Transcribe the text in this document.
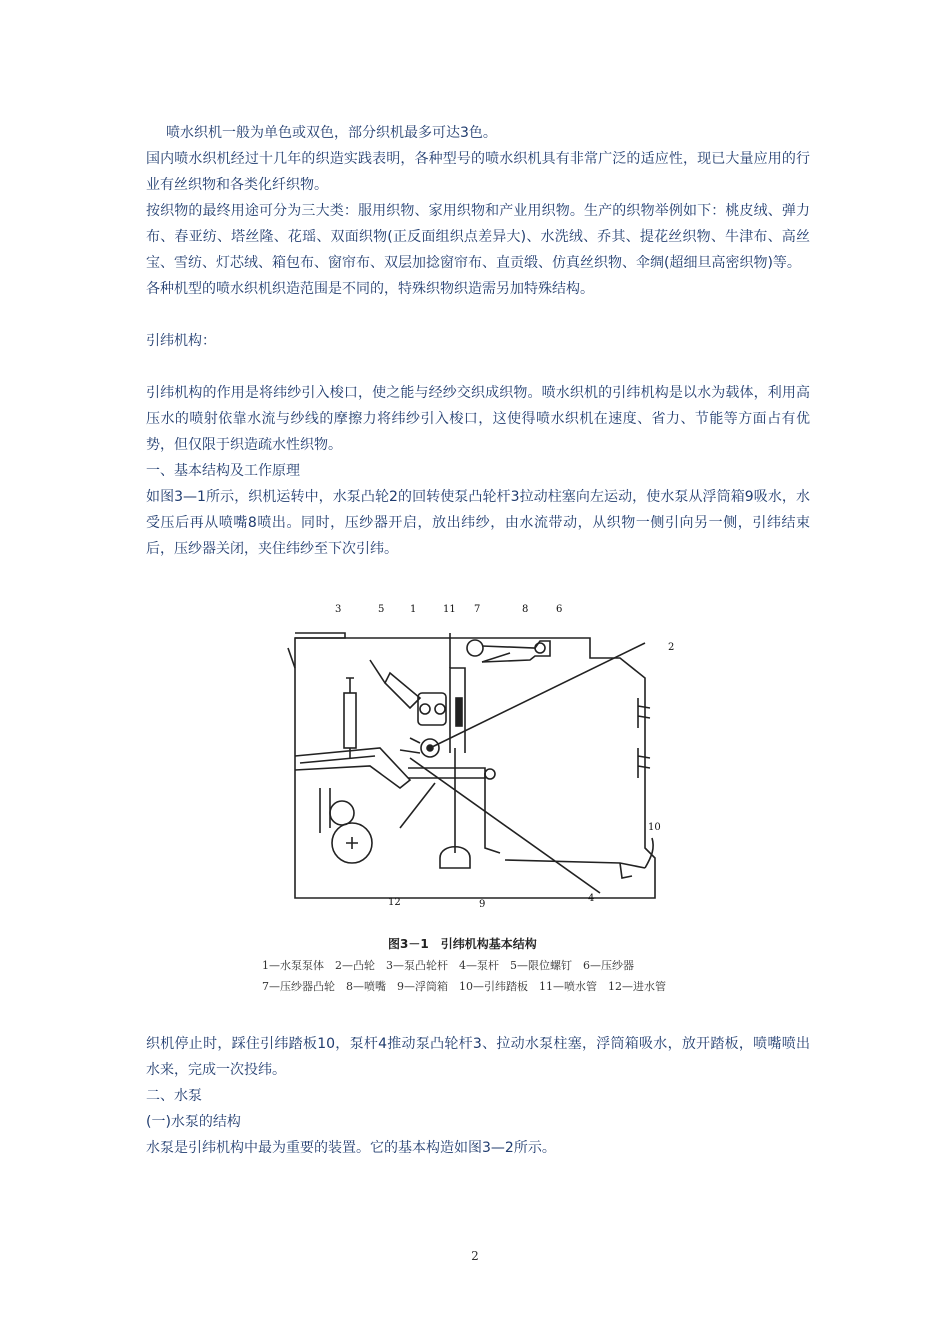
喷水织机一般为单色或双色，部分织机最多可达3色。

国内喷水织机经过十几年的织造实践表明，各种型号的喷水织机具有非常广泛的适应性，现已大量应用的行业有丝织物和各类化纤织物。

按织物的最终用途可分为三大类：服用织物、家用织物和产业用织物。生产的织物举例如下：桃皮绒、弹力布、春亚纺、塔丝隆、花瑶、双面织物(正反面组织点差异大)、水洗绒、乔其、提花丝织物、牛津布、高丝宝、雪纺、灯芯绒、箱包布、窗帘布、双层加捻窗帘布、直贡缎、仿真丝织物、伞绸(超细旦高密织物)等。

各种机型的喷水织机织造范围是不同的，特殊织物织造需另加特殊结构。

引纬机构：

引纬机构的作用是将纬纱引入梭口，使之能与经纱交织成织物。喷水织机的引纬机构是以水为载体，利用高压水的喷射依靠水流与纱线的摩擦力将纬纱引入梭口，这使得喷水织机在速度、省力、节能等方面占有优势，但仅限于织造疏水性织物。

一、基本结构及工作原理

如图3—1所示，织机运转中，水泵凸轮2的回转使泵凸轮杆3拉动柱塞向左运动，使水泵从浮筒箱9吸水，水受压后再从喷嘴8喷出。同时，压纱器开启，放出纬纱，由水流带动，从织物一侧引向另一侧，引纬结束后，压纱器关闭，夹住纬纱至下次引纬。

3	5	1	11 7	8	6
2
10
12	9
4
图3－1　引纬机构基本结构
1—水泵泵体　2—凸轮　3—泵凸轮杆　4—泵杆　5—限位螺钉　6—压纱器
7—压纱器凸轮　8—喷嘴　9—浮筒箱　10—引纬踏板　11—喷水管　12—进水管

织机停止时，踩住引纬踏板10，泵杆4推动泵凸轮杆3、拉动水泵柱塞，浮筒箱吸水，放开踏板，喷嘴喷出水来，完成一次投纬。

二、水泵

(一)水泵的结构

水泵是引纬机构中最为重要的装置。它的基本构造如图3—2所示。

2
